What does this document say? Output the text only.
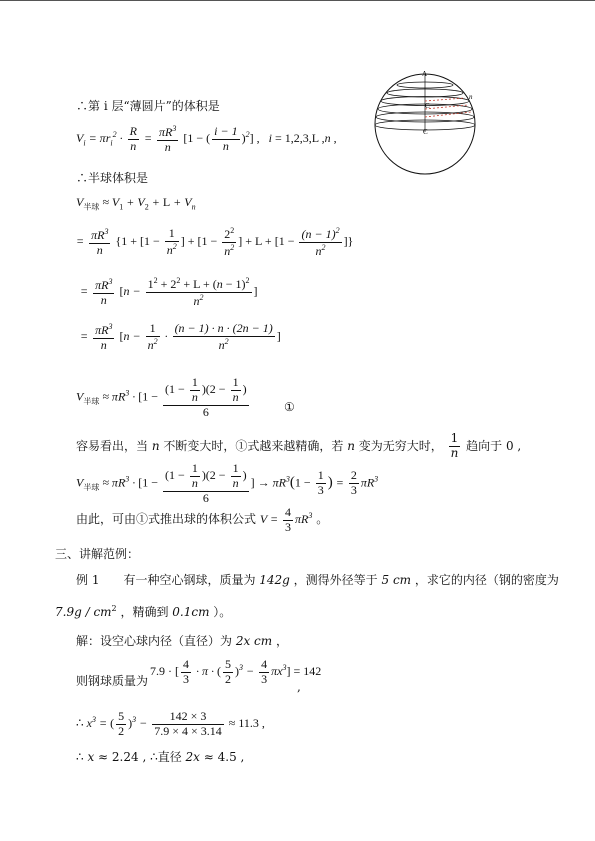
∴第 i 层“薄圆片”的体积是
$V_i = \pi r_i^2 \cdot \frac{R}{n} = \frac{\pi R^3}{n} [1$ − ( $\frac{i - 1}{n} )^2$] ,   i = 1,2,3,L ,n ,
∴半球体积是
$V_{半球} \approx V_1 + V_2 + L + V_n$
= $\frac{\pi R^3}{n} \{1 + [1 - \frac{1}{n^2}$ ] + [$1 - \frac{2^2}{n^2}$ ] + $L + [1 - \frac{(n - 1)^2}{n^2}$ ]}
= $\frac{\pi R^3}{n} [n - \frac{1^2 + 2^2 + L + (n - 1)^2}{n^2}$ ]
= $\frac{\pi R^3}{n} [n - \frac{1}{n^2} \cdot \frac{(n - 1) \cdot n \cdot (2n - 1)}{n^2}$ ]
$V_{半球} \approx \pi R^3 \cdot [1 - \frac{(1 - \frac{1}{n} )(2 - \frac{1}{n} )}{6}$	①
容易看出，当 n 不断变大时，①式越来越精确，若 n 变为无穷大时， $\frac{1}{n}$ 趋向于 0 ,
$V_{半球} \approx \pi R^3 \cdot [1 - \frac{(1 - \frac{1}{n} )(2 - \frac{1}{n} )}{6}$ ] → $\pi R^3(1 - \frac{1}{3}$ ) = $\frac{2}{3} \pi R^3$
由此，可由①式推出球的体积公式 $V = \frac{4}{3} \pi R^3$ 。
三、讲解范例：
例 1　　有一种空心钢球，质量为 142g ，测得外径等于 5 cm ，求它的内径（钢的密度为
$7.9g / cm^2$ ，精确到 0.1cm ）。
解：设空心球内径（直径）为 2x cm ，
则钢球质量为
7.9 · [ $\frac{4}{3} \cdot \pi$ · ( $\frac{5}{2} )^3 - \frac{4}{3} \pi x^3] = 142$
,
∴ $x^3$ = ( $\frac{5}{2} )^3 - \frac{142 \times 3}{7.9 \times 4 \times 3.14} \approx 11.3$ ,
∴ x ≈ 2.24 , ∴直径 2x ≈ 4.5 ,
A
C
C
n
